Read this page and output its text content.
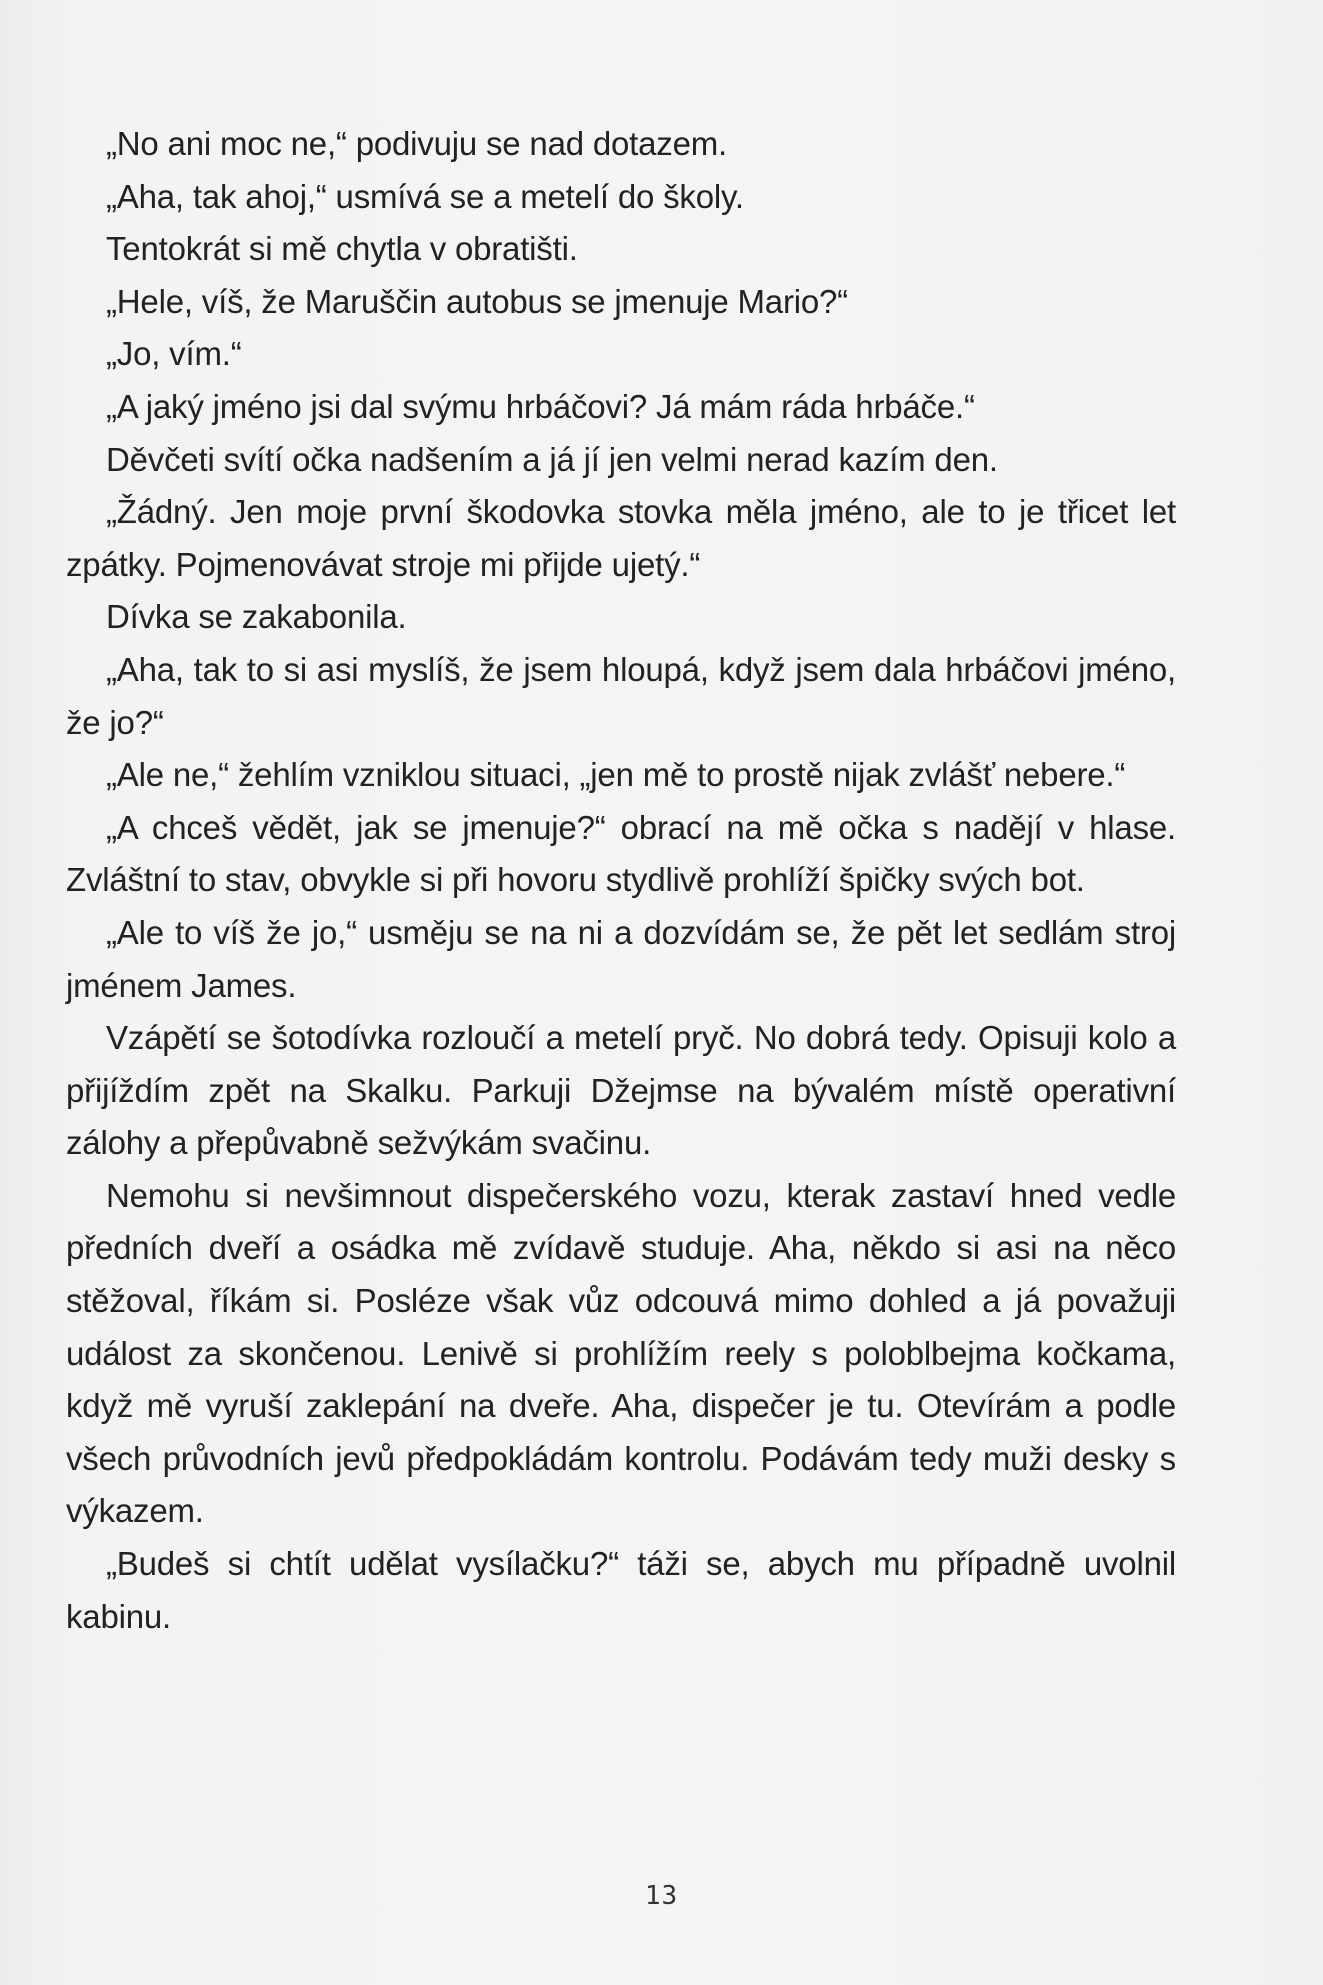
„No ani moc ne,“ podivuju se nad dotazem.

„Aha, tak ahoj,“ usmívá se a metelí do školy.

Tentokrát si mě chytla v obratišti.

„Hele, víš, že Maruščin autobus se jmenuje Mario?“

„Jo, vím.“

„A jaký jméno jsi dal svýmu hrbáčovi? Já mám ráda hrbáče.“

Děvčeti svítí očka nadšením a já jí jen velmi nerad kazím den.

„Žádný. Jen moje první škodovka stovka měla jméno, ale to je třicet let zpátky. Pojmenovávat stroje mi přijde ujetý.“

Dívka se zakabonila.

„Aha, tak to si asi myslíš, že jsem hloupá, když jsem dala hrbáčovi jméno, že jo?“

„Ale ne,“ žehlím vzniklou situaci, „jen mě to prostě nijak zvlášť nebere.“

„A chceš vědět, jak se jmenuje?“ obrací na mě očka s nadějí v hlase. Zvláštní to stav, obvykle si při hovoru stydlivě prohlíží špičky svých bot.

„Ale to víš že jo,“ usměju se na ni a dozvídám se, že pět let sedlám stroj jménem James.

Vzápětí se šotodívka rozloučí a metelí pryč. No dobrá tedy. Opisuji kolo a přijíždím zpět na Skalku. Parkuji Džejmse na bývalém místě operativní zálohy a přepůvabně sežvýkám svačinu.

Nemohu si nevšimnout dispečerského vozu, kterak zastaví hned vedle předních dveří a osádka mě zvídavě studuje. Aha, někdo si asi na něco stěžoval, říkám si. Posléze však vůz odcouvá mimo dohled a já považuji událost za skončenou. Lenivě si prohlížím reely s poloblbejma kočkama, když mě vyruší zaklepání na dveře. Aha, dispečer je tu. Otevírám a podle všech průvodních jevů předpokládám kontrolu. Podávám tedy muži desky s výkazem.

„Budeš si chtít udělat vysílačku?“ táži se, abych mu případně uvolnil kabinu.

13
